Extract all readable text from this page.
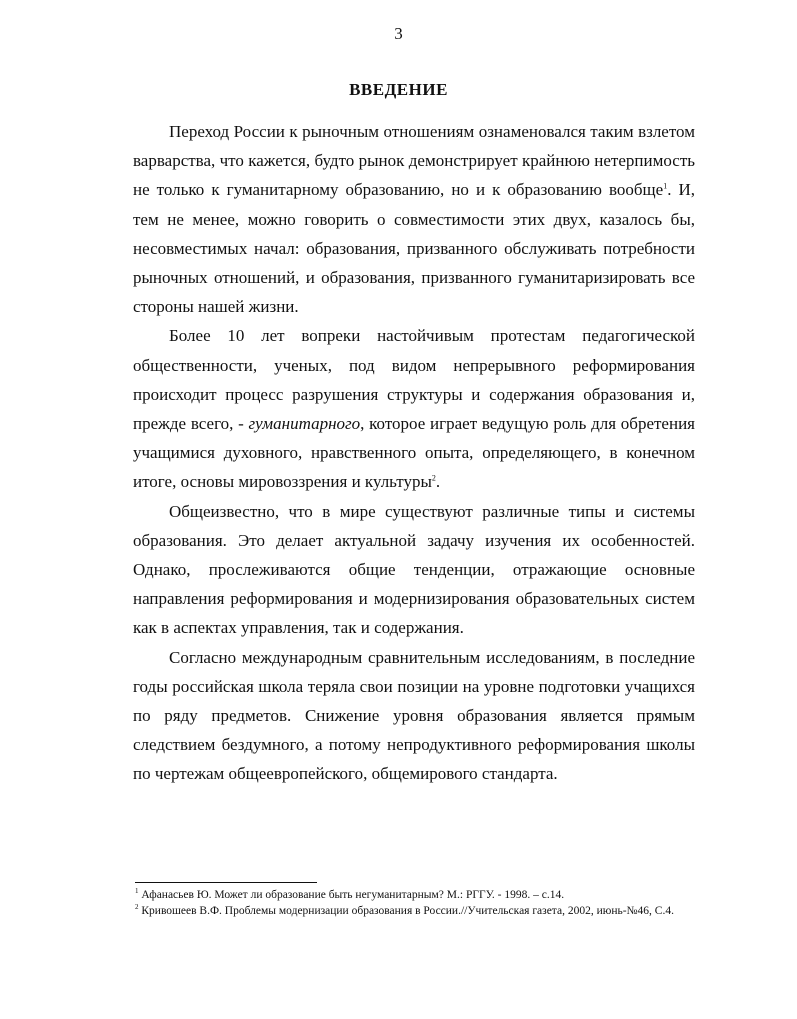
3
ВВЕДЕНИЕ

Переход России к рыночным отношениям ознаменовался таким взлетом варварства, что кажется, будто рынок демонстрирует крайнюю нетерпимость не только к гуманитарному образованию, но и к образованию вообще$^1$. И, тем не менее, можно говорить о совместимости этих двух, казалось бы, несовместимых начал: образования, призванного обслуживать потребности рыночных отношений, и образования, призванного гуманитаризировать все стороны нашей жизни.

Более 10 лет вопреки настойчивым протестам педагогической общественности, ученых, под видом непрерывного реформирования происходит процесс разрушения структуры и содержания образования и, прежде всего, - гуманитарного, которое играет ведущую роль для обретения учащимися духовного, нравственного опыта, определяющего, в конечном итоге, основы мировоззрения и культуры$^2$.

Общеизвестно, что в мире существуют различные типы и системы образования. Это делает актуальной задачу изучения их особенностей. Однако, прослеживаются общие тенденции, отражающие основные направления реформирования и модернизирования образовательных систем как в аспектах управления, так и содержания.

Согласно международным сравнительным исследованиям, в последние годы российская школа теряла свои позиции на уровне подготовки учащихся по ряду предметов. Снижение уровня образования является прямым следствием бездумного, а потому непродуктивного реформирования школы по чертежам общеевропейского, общемирового стандарта.

$^1$ Афанасьев Ю. Может ли образование быть негуманитарным? М.: РГГУ. - 1998. – с.14.

$^2$ Кривошеев В.Ф. Проблемы модернизации образования в России.//Учительская газета, 2002, июнь-№46, С.4.
